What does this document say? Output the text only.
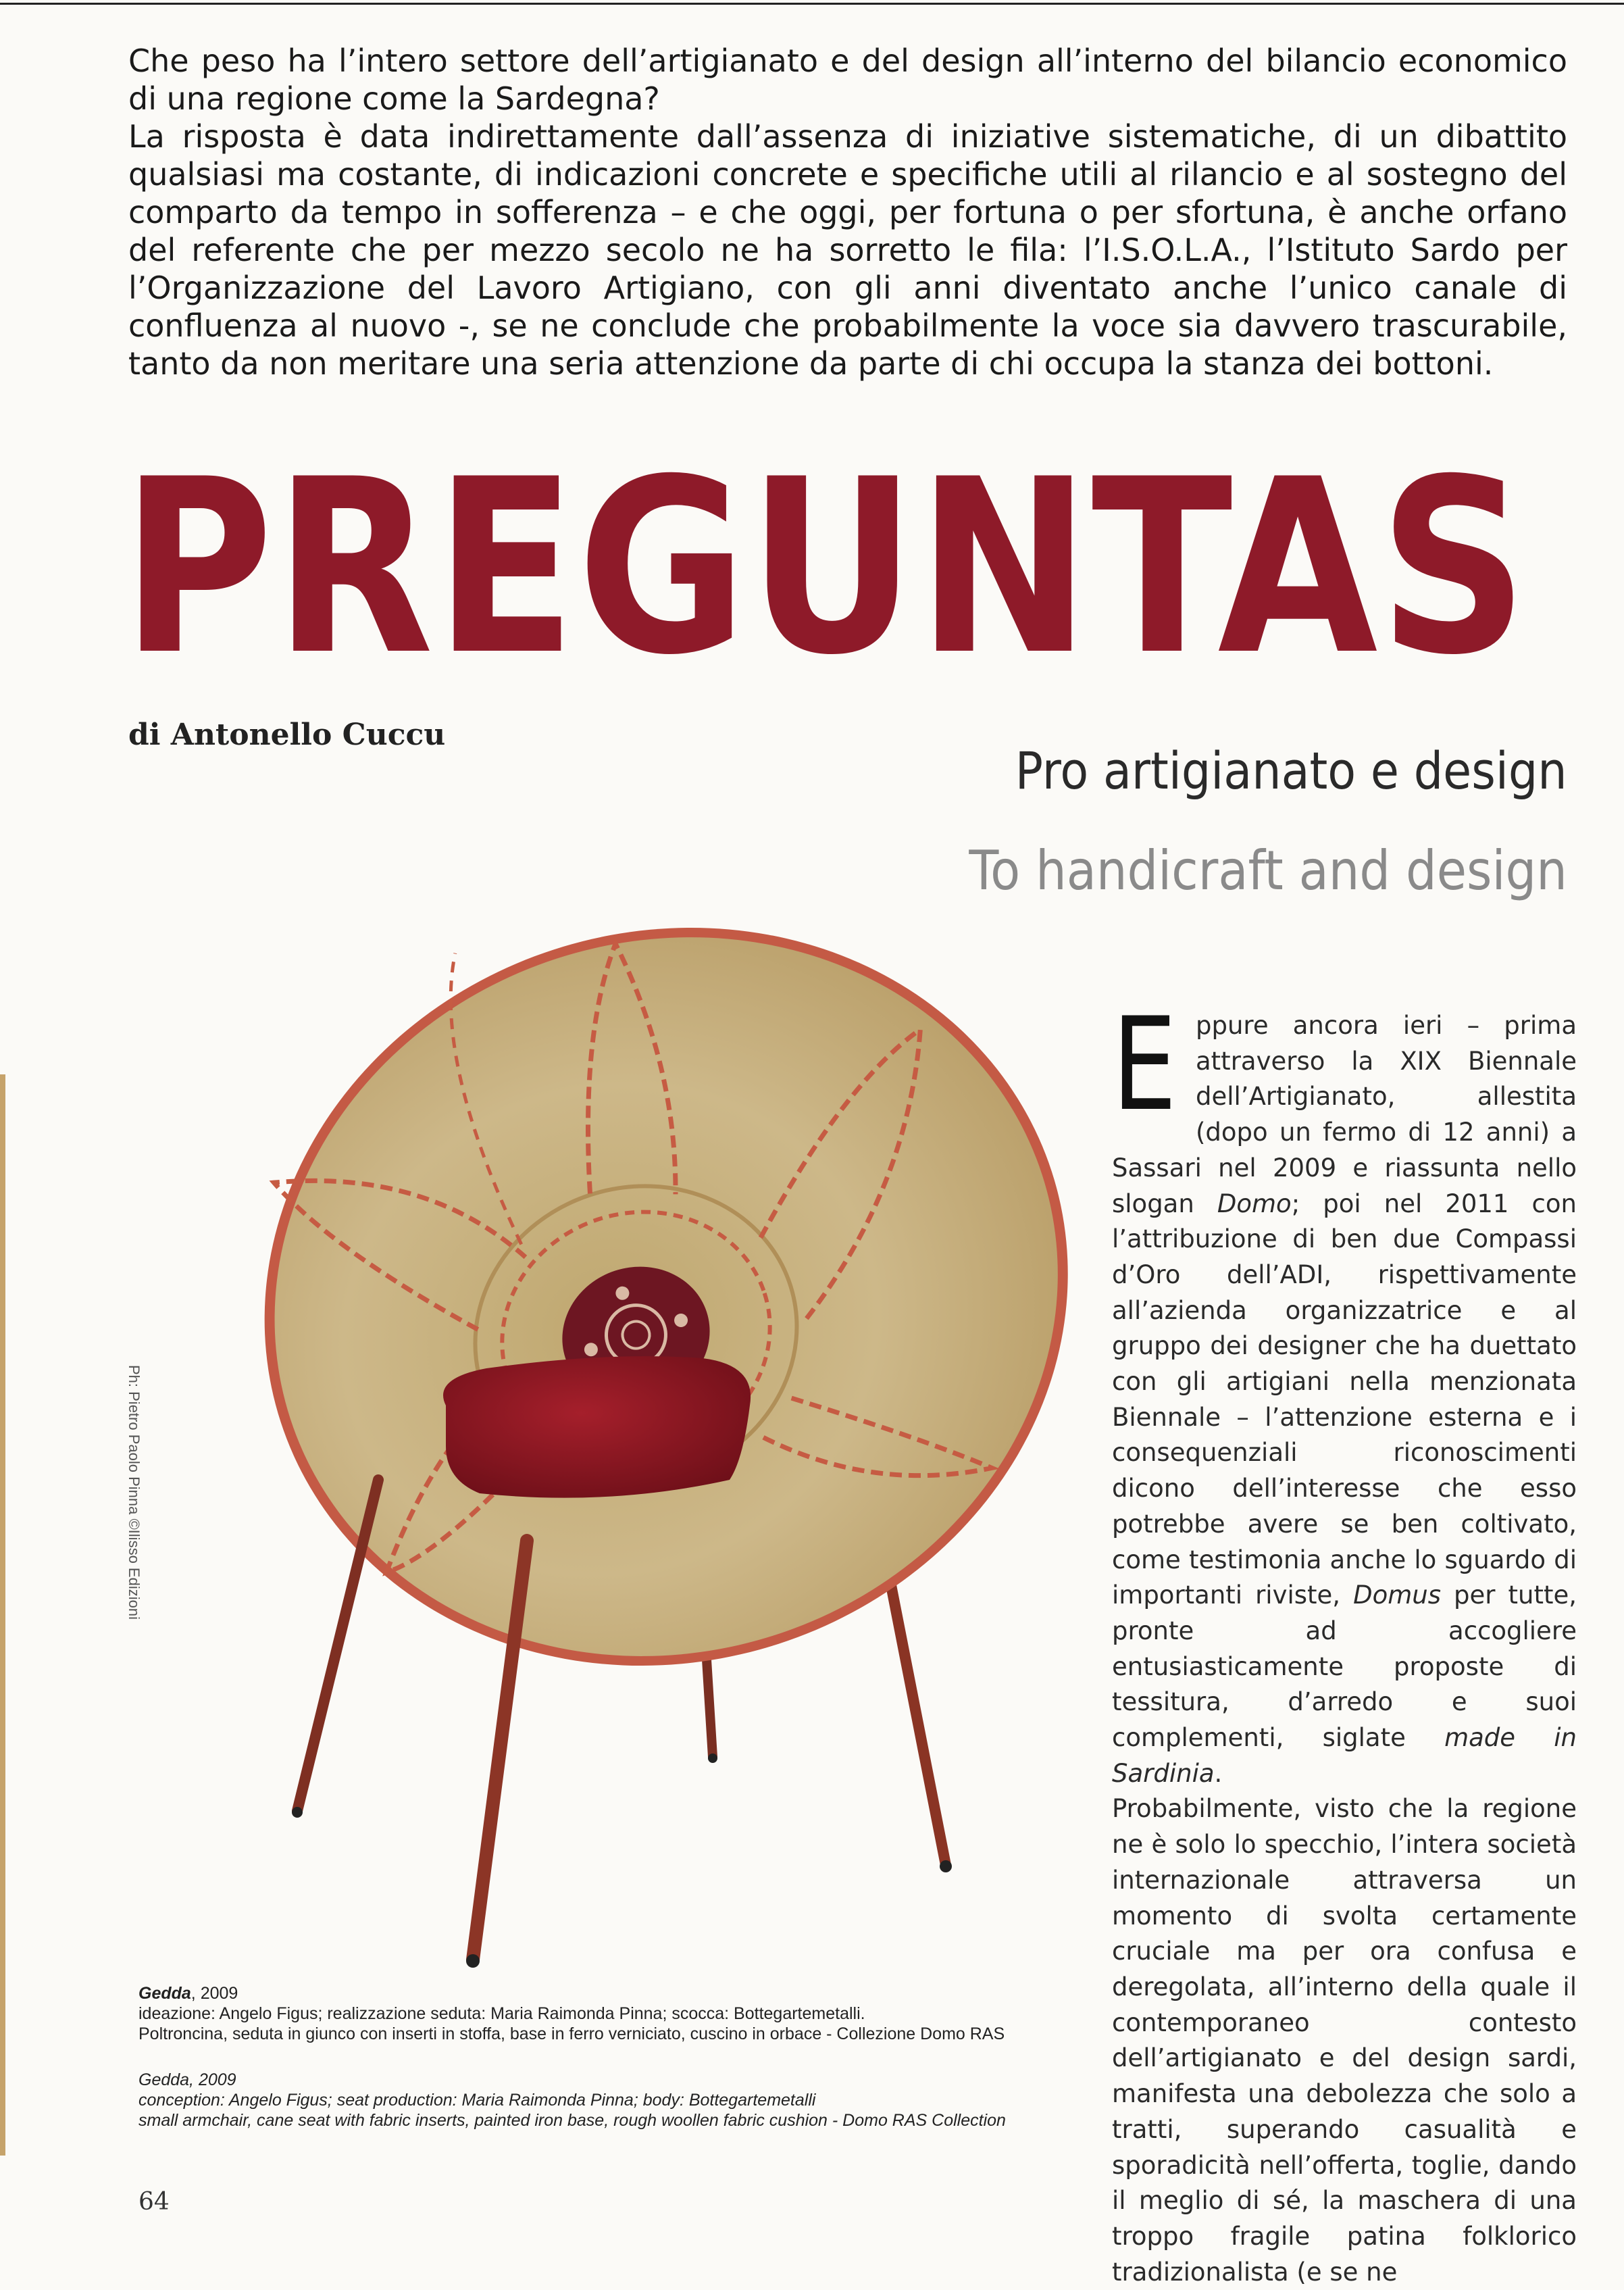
Che peso ha l’intero settore dell’artigianato e del design all’interno del bilancio economico di una regione come la Sardegna?

La risposta è data indirettamente dall’assenza di iniziative sistematiche, di un dibattito qualsiasi ma costante, di indicazioni concrete e specifiche utili al rilancio e al sostegno del comparto da tempo in sofferenza – e che oggi, per fortuna o per sfortuna, è anche orfano del referente che per mezzo secolo ne ha sorretto le fila: l’I.S.O.L.A., l’Istituto Sardo per l’Organizzazione del Lavoro Artigiano, con gli anni diventato anche l’unico canale di confluenza al nuovo -, se ne conclude che probabilmente la voce sia davvero trascurabile, tanto da non meritare una seria attenzione da parte di chi occupa la stanza dei bottoni.

PREGUNTAS

di Antonello Cuccu

Pro artigianato e design

To handicraft and design

Ph: Pietro Paolo Pinna ©Ilisso Edizioni

Gedda, 2009

ideazione: Angelo Figus; realizzazione seduta: Maria Raimonda Pinna; scocca: Bottegartemetalli.

Poltroncina, seduta in giunco con inserti in stoffa, base in ferro verniciato, cuscino in orbace - Collezione Domo RAS

Gedda, 2009

conception: Angelo Figus; seat production: Maria Raimonda Pinna; body: Bottegartemetalli

small armchair, cane seat with fabric inserts, painted iron base, rough woollen fabric cushion - Domo RAS Collection

Eppure ancora ieri – prima attraverso la XIX Biennale dell’Artigianato, allestita (dopo un fermo di 12 anni) a Sassari nel 2009 e riassunta nello slogan Domo; poi nel 2011 con l’attribuzione di ben due Compassi d’Oro dell’ADI, rispettivamente all’azienda organizzatrice e al gruppo dei designer che ha duettato con gli artigiani nella menzionata Biennale – l’attenzione esterna e i consequenziali riconoscimenti dicono dell’interesse che esso potrebbe avere se ben coltivato, come testimonia anche lo sguardo di importanti riviste, Domus per tutte, pronte ad accogliere entusiasticamente proposte di tessitura, d’arredo e suoi complementi, siglate made in Sardinia.

Probabilmente, visto che la regione ne è solo lo specchio, l’intera società internazionale attraversa un momento di svolta certamente cruciale ma per ora confusa e deregolata, all’interno della quale il contemporaneo contesto dell’artigianato e del design sardi, manifesta una debolezza che solo a tratti, superando casualità e sporadicità nell’offerta, toglie, dando il meglio di sé, la maschera di una troppo fragile patina folklorico tradizionalista (e se ne

64
